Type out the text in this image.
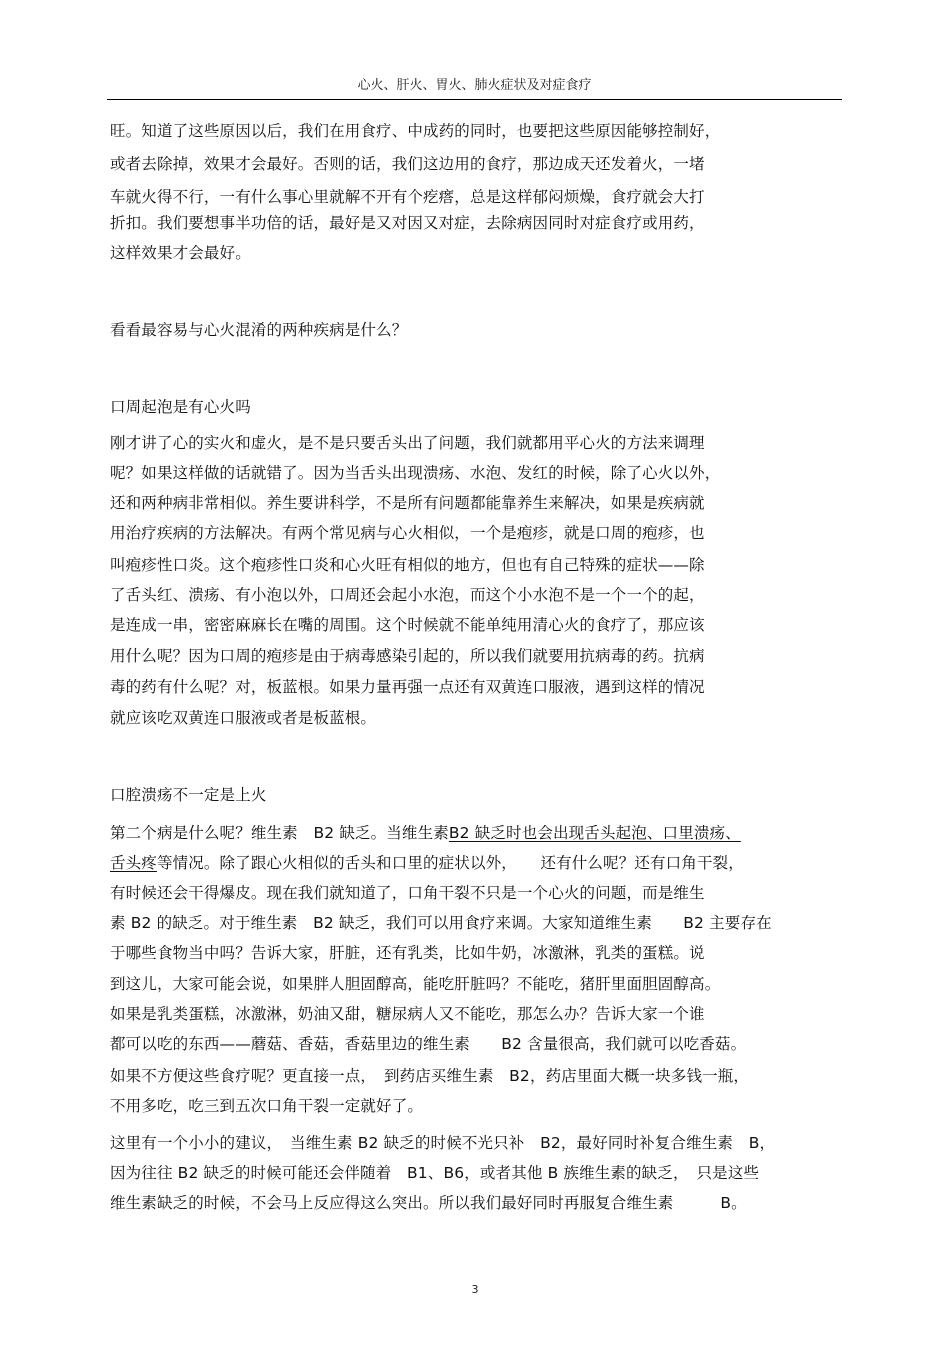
心火、肝火、胃火、肺火症状及对症食疗
旺。知道了这些原因以后，我们在用食疗、中成药的同时，也要把这些原因能够控制好，
或者去除掉，效果才会最好。否则的话，我们这边用的食疗，那边成天还发着火，一堵
车就火得不行，一有什么事心里就解不开有个疙瘩，总是这样郁闷烦燥，食疗就会大打
折扣。我们要想事半功倍的话，最好是又对因又对症，去除病因同时对症食疗或用药，
这样效果才会最好。
看看最容易与心火混淆的两种疾病是什么？
口周起泡是有心火吗
刚才讲了心的实火和虚火，是不是只要舌头出了问题，我们就都用平心火的方法来调理
呢？如果这样做的话就错了。因为当舌头出现溃疡、水泡、发红的时候，除了心火以外，
还和两种病非常相似。养生要讲科学，不是所有问题都能靠养生来解决，如果是疾病就
用治疗疾病的方法解决。有两个常见病与心火相似，一个是疱疹，就是口周的疱疹，也
叫疱疹性口炎。这个疱疹性口炎和心火旺有相似的地方，但也有自己特殊的症状——除
了舌头红、溃疡、有小泡以外，口周还会起小水泡，而这个小水泡不是一个一个的起，
是连成一串，密密麻麻长在嘴的周围。这个时候就不能单纯用清心火的食疗了，那应该
用什么呢？因为口周的疱疹是由于病毒感染引起的，所以我们就要用抗病毒的药。抗病
毒的药有什么呢？对，板蓝根。如果力量再强一点还有双黄连口服液，遇到这样的情况
就应该吃双黄连口服液或者是板蓝根。
口腔溃疡不一定是上火
第二个病是什么呢？维生素　B2 缺乏。当维生素B2 缺乏时也会出现舌头起泡、口里溃疡、
舌头疼等情况。除了跟心火相似的舌头和口里的症状以外，　　还有什么呢？还有口角干裂，
有时候还会干得爆皮。现在我们就知道了，口角干裂不只是一个心火的问题，而是维生
素 B2 的缺乏。对于维生素　B2 缺乏，我们可以用食疗来调。大家知道维生素　　B2 主要存在
于哪些食物当中吗？告诉大家，肝脏，还有乳类，比如牛奶，冰激淋，乳类的蛋糕。说
到这儿，大家可能会说，如果胖人胆固醇高，能吃肝脏吗？不能吃，猪肝里面胆固醇高。
如果是乳类蛋糕，冰激淋，奶油又甜，糖尿病人又不能吃，那怎么办？告诉大家一个谁
都可以吃的东西——蘑菇、香菇，香菇里边的维生素　　B2 含量很高，我们就可以吃香菇。
如果不方便这些食疗呢？更直接一点，　到药店买维生素　B2，药店里面大概一块多钱一瓶，
不用多吃，吃三到五次口角干裂一定就好了。
这里有一个小小的建议，　当维生素 B2 缺乏的时候不光只补　B2，最好同时补复合维生素　B，
因为往往 B2 缺乏的时候可能还会伴随着　B1、B6，或者其他 B 族维生素的缺乏，　只是这些
维生素缺乏的时候，不会马上反应得这么突出。所以我们最好同时再服复合维生素　　　B。
3
